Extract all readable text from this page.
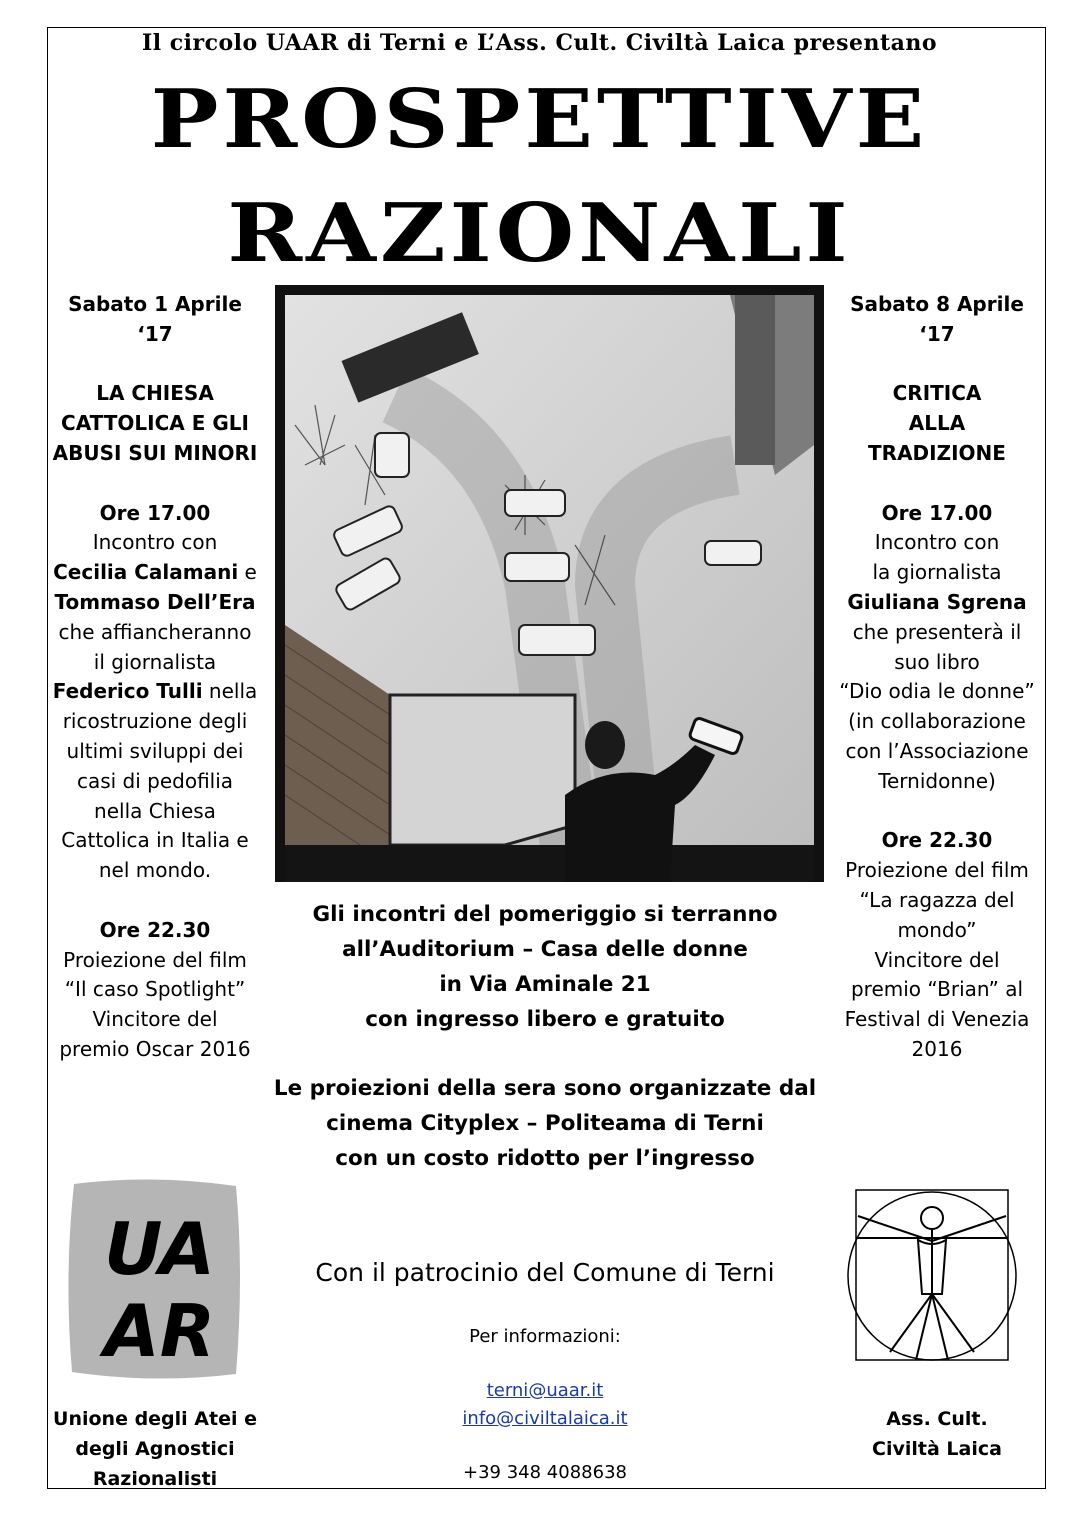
Il circolo UAAR di Terni e L’Ass. Cult. Civiltà Laica presentano
PROSPETTIVE
RAZIONALI
Sabato 1 Aprile ‘17
LA CHIESA
CATTOLICA E GLI
ABUSI SUI MINORI
Ore 17.00
Incontro con
Cecilia Calamani e
Tommaso Dell’Era
che affiancheranno
il giornalista
Federico Tulli nella
ricostruzione degli
ultimi sviluppi dei
casi di pedofilia
nella Chiesa
Cattolica in Italia e
nel mondo.
Ore 22.30
Proiezione del film
“Il caso Spotlight”
Vincitore del
premio Oscar 2016
Sabato 8 Aprile ‘17
CRITICA
ALLA
TRADIZIONE
Ore 17.00
Incontro con
la giornalista
Giuliana Sgrena
che presenterà il
suo libro
“Dio odia le donne”
(in collaborazione
con l’Associazione
Ternidonne)
Ore 22.30
Proiezione del film
“La ragazza del
mondo”
Vincitore del
premio “Brian” al
Festival di Venezia
2016
Gli incontri del pomeriggio si terranno
all’Auditorium – Casa delle donne
in Via Aminale 21
con ingresso libero e gratuito
Le proiezioni della sera sono organizzate dal
cinema Cityplex – Politeama di Terni
con un costo ridotto per l’ingresso
Con il patrocinio del Comune di Terni
Per informazioni:
terni@uaar.it
info@civiltalaica.it
+39 348 4088638
UA
AR
Unione degli Atei e
degli Agnostici
Razionalisti
Ass. Cult.
Civiltà Laica
